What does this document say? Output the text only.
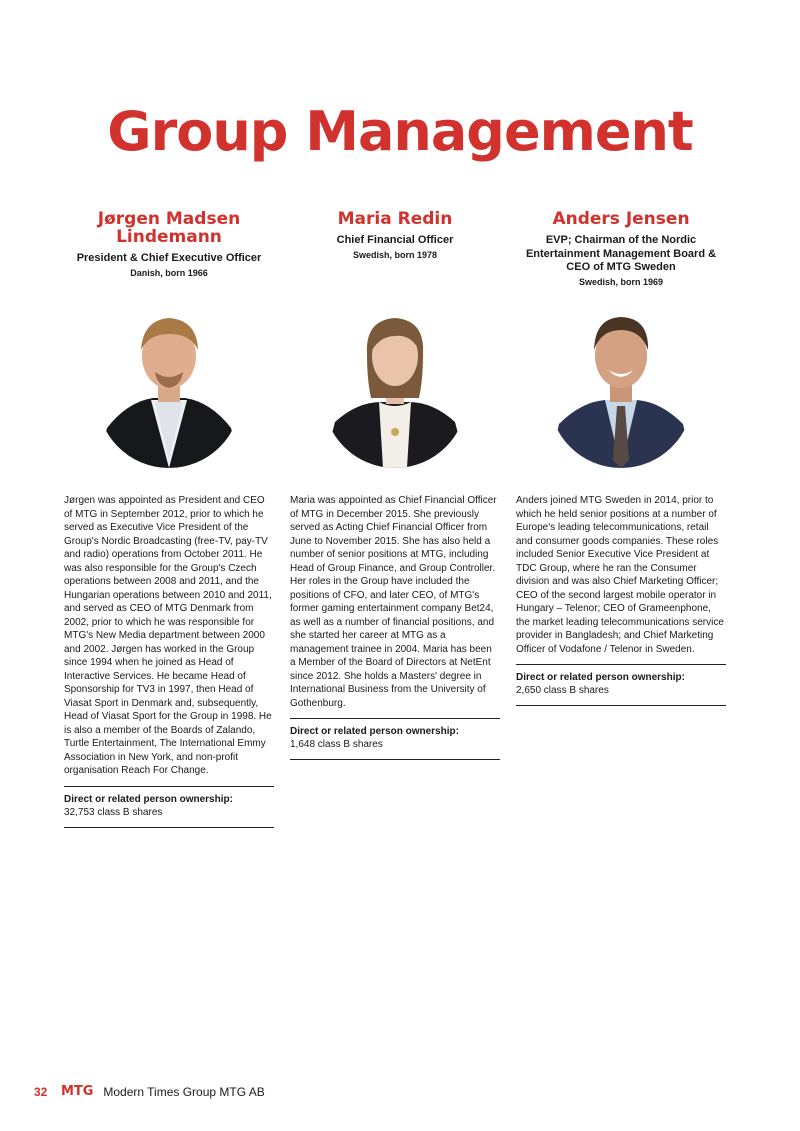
Group Management
Jørgen Madsen Lindemann
President & Chief Executive Officer
Danish, born 1966
Jørgen was appointed as President and CEO of MTG in September 2012, prior to which he served as Executive Vice President of the Group's Nordic Broadcasting (free-TV, pay-TV and radio) operations from October 2011. He was also responsible for the Group's Czech operations between 2008 and 2011, and the Hungarian operations between 2010 and 2011, and served as CEO of MTG Denmark from 2002, prior to which he was responsible for MTG's New Media department between 2000 and 2002. Jørgen has worked in the Group since 1994 when he joined as Head of Interactive Services. He became Head of Sponsorship for TV3 in 1997, then Head of Viasat Sport in Denmark and, subsequently, Head of Viasat Sport for the Group in 1998. He is also a member of the Boards of Zalando, Turtle Entertainment, The International Emmy Association in New York, and non-profit organisation Reach For Change.
Direct or related person ownership:
32,753 class B shares
Maria Redin
Chief Financial Officer
Swedish, born 1978
Maria was appointed as Chief Financial Officer of MTG in December 2015. She previously served as Acting Chief Financial Officer from June to November 2015. She has also held a number of senior positions at MTG, including Head of Group Finance, and Group Controller. Her roles in the Group have included the positions of CFO, and later CEO, of MTG's former gaming entertainment company Bet24, as well as a number of financial positions, and she started her career at MTG as a management trainee in 2004. Maria has been a Member of the Board of Directors at NetEnt since 2012. She holds a Masters' degree in International Business from the University of Gothenburg.
Direct or related person ownership:
1,648 class B shares
Anders Jensen
EVP; Chairman of the Nordic Entertainment Management Board & CEO of MTG Sweden
Swedish, born 1969
Anders joined MTG Sweden in 2014, prior to which he held senior positions at a number of Europe's leading telecommunications, retail and consumer goods companies. These roles included Senior Executive Vice President at TDC Group, where he ran the Consumer division and was also Chief Marketing Officer; CEO of the second largest mobile operator in Hungary – Telenor; CEO of Grameenphone, the market leading telecommunications service provider in Bangladesh; and Chief Marketing Officer of Vodafone / Telenor in Sweden.
Direct or related person ownership:
2,650 class B shares
32 MTG Modern Times Group MTG AB
